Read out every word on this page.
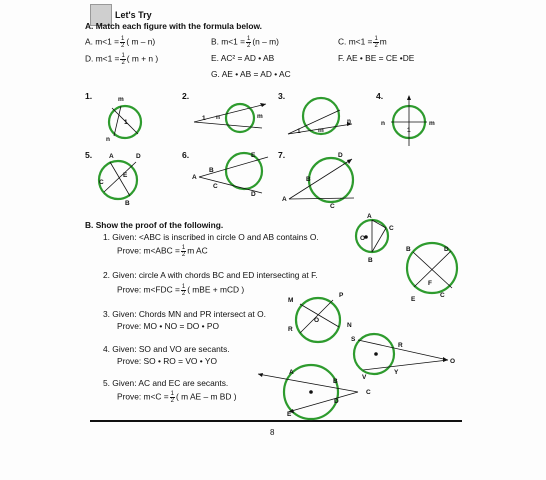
Let's Try
A. Match each figure with the formula below.
A. $m<1 = \frac{1}{2}$ ( m – n)	B. $m<1 = \frac{1}{2} (n - m)$	C. $m<1 = \frac{1}{2}$ m
D. $m<1 = \frac{1}{2}$ ( m + n )	E. AC² = AD • AB	F. AE • BE = CE •DE
G. AE • AB = AD • AC
1.	2.	3.	4.
5.	6.	7.
B. Show the proof of the following.
1. Given: <ABC is inscribed in circle O and AB contains O.
Prove: $m<ABC = \frac{1}{2}$ m AC
2. Given: circle A with chords BC and ED intersecting at F.
Prove: $m<FDC = \frac{1}{2}$ ( mBE + mCD )
3. Given: Chords MN and PR intersect at O.
Prove: MO • NO = DO • PO
4. Given: SO and VO are secants.
Prove: SO • RO = VO • YO
5. Given: AC and EC are secants.
Prove: $m<C = \frac{1}{2}$ ( m AE – m BD )
8
m
n
1
1 n	m
n
m
1
n	m
1
A	D
E
C
B
B
E
A
C
D
D
B
A
C
A
C
O
B
B	D
F
E
C
M
P
O
R
N
S
R
O
V
Y
A
B
C
D
E
